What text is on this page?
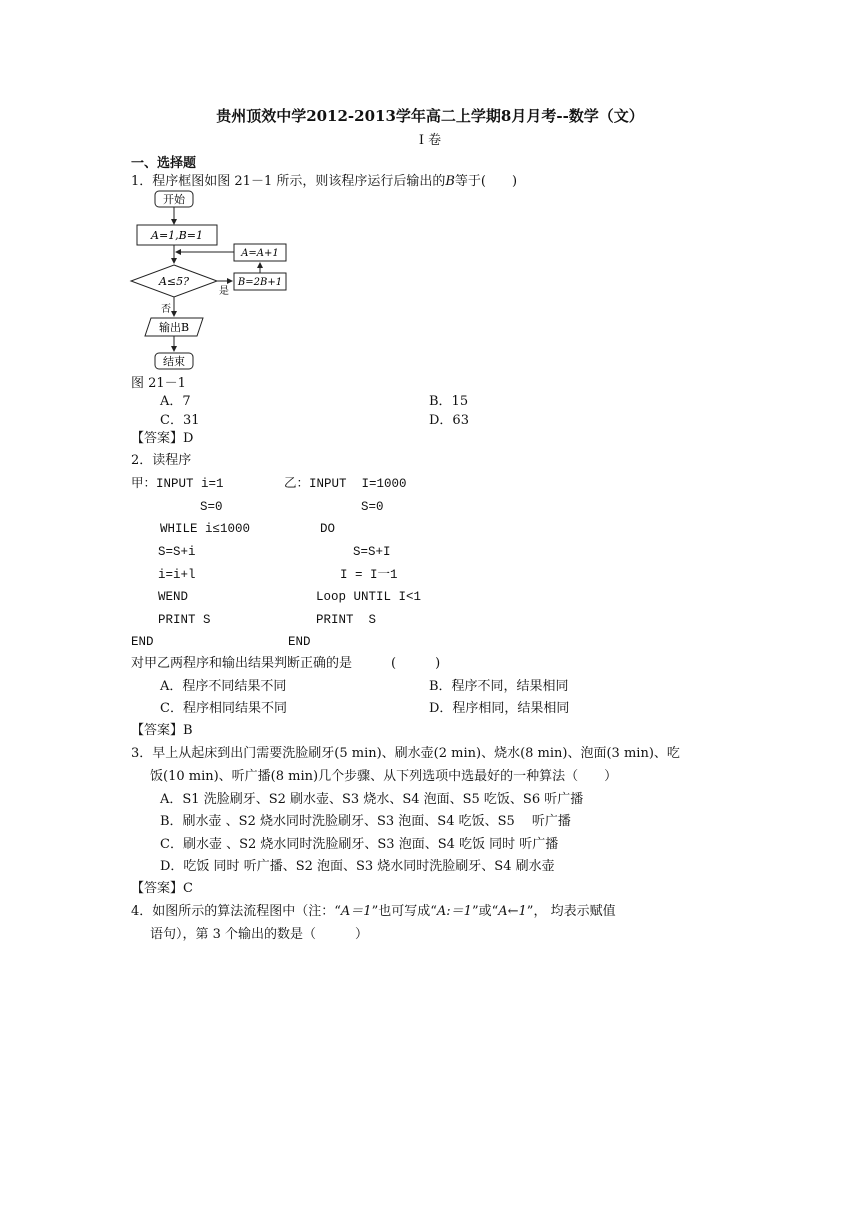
贵州顶效中学2012-2013学年高二上学期8月月考--数学（文）
I 卷
一、选择题
1．程序框图如图 21－1 所示，则该程序运行后输出的B等于(　　)
开始
A=1,B=1
A≤5?
是
B=2B+1
A=A+1
否
输出B
结束
图 21－1
A．7	B．15
C．31	D．63
【答案】D
2．读程序
甲：INPUT i=1	乙：INPUT  I=1000
S=0	S=0
WHILE i≤1000	DO
S=S+i	S=S+I
i=i+l	I = I一1
WEND	Loop UNTIL I<1
PRINT S	PRINT  S
END	END
对甲乙两程序和输出结果判断正确的是　　　(　　　)
A．程序不同结果不同	B．程序不同，结果相同
C．程序相同结果不同	D．程序相同，结果相同
【答案】B
3．早上从起床到出门需要洗脸刷牙(5 min)、刷水壶(2 min)、烧水(8 min)、泡面(3 min)、吃
饭(10 min)、听广播(8 min)几个步骤、从下列选项中选最好的一种算法（　　）
A．S1 洗脸刷牙、S2 刷水壶、S3 烧水、S4 泡面、S5 吃饭、S6 听广播
B．刷水壶 、S2 烧水同时洗脸刷牙、S3 泡面、S4 吃饭、S5　 听广播
C．刷水壶 、S2 烧水同时洗脸刷牙、S3 泡面、S4 吃饭 同时 听广播
D．吃饭 同时 听广播、S2 泡面、S3 烧水同时洗脸刷牙、S4 刷水壶
【答案】C
4．如图所示的算法流程图中（注：“A＝1”也可写成“A:＝1”或“A←1”， 均表示赋值
语句），第 3 个输出的数是（　　　）
